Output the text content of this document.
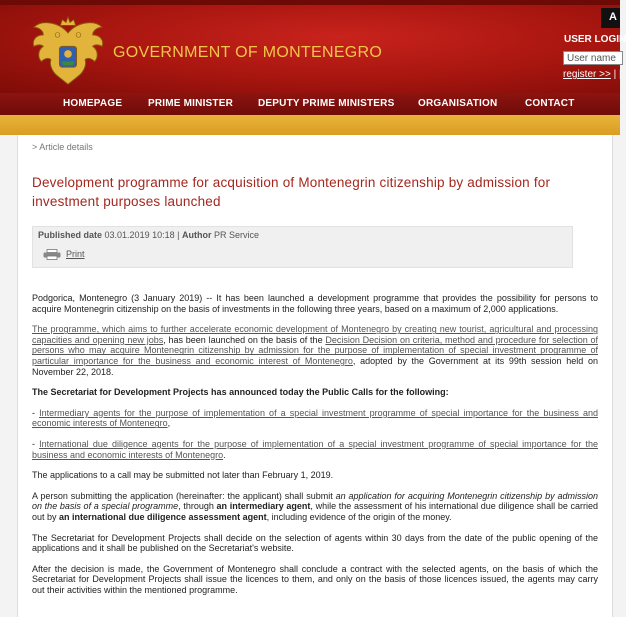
GOVERNMENT OF MONTENEGRO
A
USER LOGIN
User name
register >> | |
HOMEPAGE	PRIME MINISTER DEPUTY PRIME MINISTERS ORGANISATION	CONTACT
> Article details
Development programme for acquisition of Montenegrin citizenship by admission for investment purposes launched
Published date 03.01.2019 10:18 | Author PR Service
Print

Podgorica, Montenegro (3 January 2019) -- It has been launched a development programme that provides the possibility for persons to acquire Montenegrin citizenship on the basis of investments in the following three years, based on a maximum of 2,000 applications.

The programme, which aims to further accelerate economic development of Montenegro by creating new tourist, agricultural and processing capacities and opening new jobs, has been launched on the basis of the Decision Decision on criteria, method and procedure for selection of persons who may acquire Montenegrin citizenship by admission for the purpose of implementation of special investment programme of particular importance for the business and economic interest of Montenegro, adopted by the Government at its 99th session held on November 22, 2018.

The Secretariat for Development Projects has announced today the Public Calls for the following:

- Intermediary agents for the purpose of implementation of a special investment programme of special importance for the business and economic interests of Montenegro,

- International due diligence agents for the purpose of implementation of a special investment programme of special importance for the business and economic interests of Montenegro.

The applications to a call may be submitted not later than February 1, 2019.

A person submitting the application (hereinafter: the applicant) shall submit an application for acquiring Montenegrin citizenship by admission on the basis of a special programme, through an intermediary agent, while the assessment of his international due diligence shall be carried out by an international due diligence assessment agent, including evidence of the origin of the money.

The Secretariat for Development Projects shall decide on the selection of agents within 30 days from the date of the public opening of the applications and it shall be published on the Secretariat's website.

After the decision is made, the Government of Montenegro shall conclude a contract with the selected agents, on the basis of which the Secretariat for Development Projects shall issue the licences to them, and only on the basis of those licences issued, the agents may carry out their activities within the mentioned programme.
